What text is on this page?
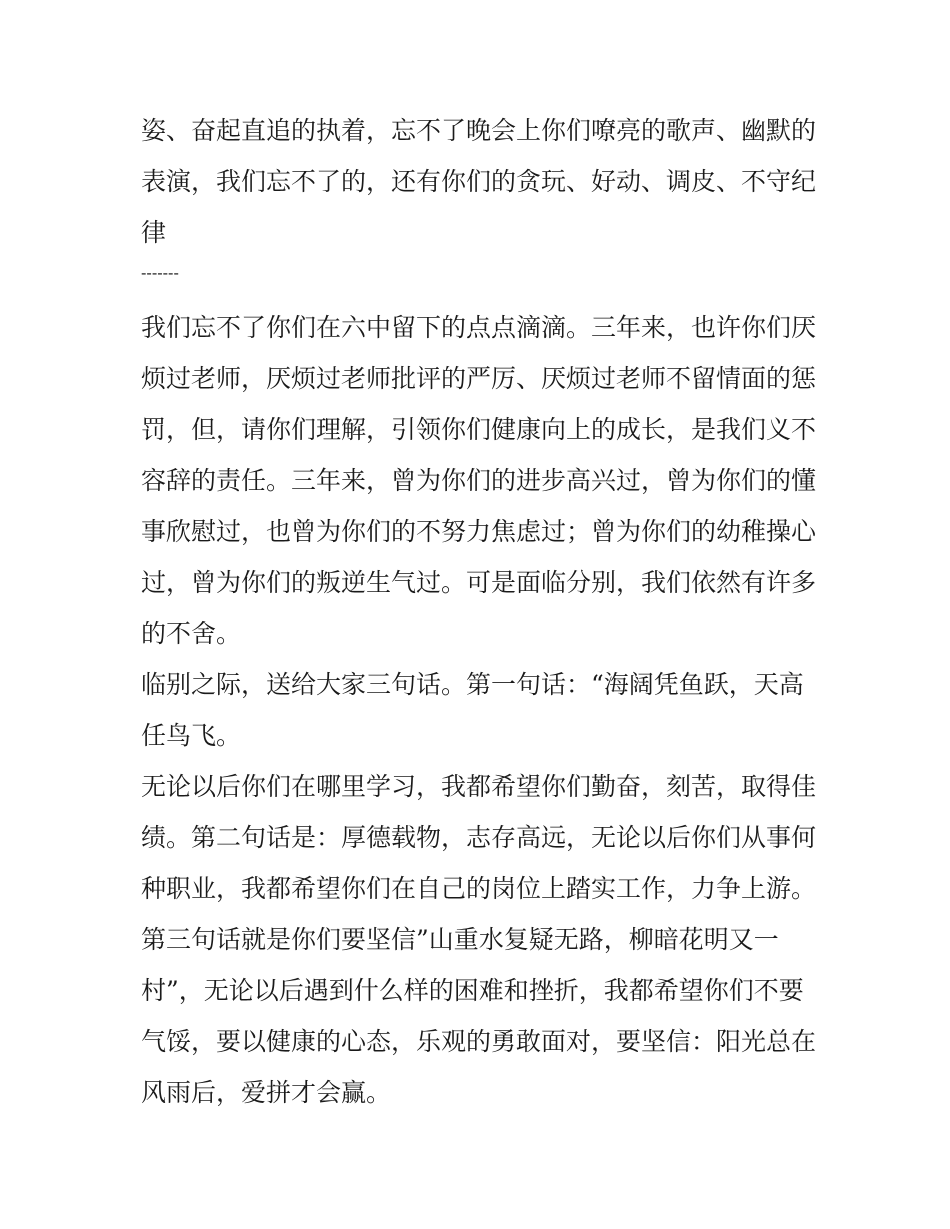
姿、奋起直追的执着，忘不了晚会上你们嘹亮的歌声、幽默的
表演，我们忘不了的，还有你们的贪玩、好动、调皮、不守纪
律
-------
我们忘不了你们在六中留下的点点滴滴。三年来，也许你们厌
烦过老师，厌烦过老师批评的严厉、厌烦过老师不留情面的惩
罚，但，请你们理解，引领你们健康向上的成长，是我们义不
容辞的责任。三年来，曾为你们的进步高兴过，曾为你们的懂
事欣慰过，也曾为你们的不努力焦虑过；曾为你们的幼稚操心
过，曾为你们的叛逆生气过。可是面临分别，我们依然有许多
的不舍。
临别之际，送给大家三句话。第一句话：“海阔凭鱼跃，天高
任鸟飞。
无论以后你们在哪里学习，我都希望你们勤奋，刻苦，取得佳
绩。第二句话是：厚德载物，志存高远，无论以后你们从事何
种职业，我都希望你们在自己的岗位上踏实工作，力争上游。
第三句话就是你们要坚信”山重水复疑无路，柳暗花明又一
村”，无论以后遇到什么样的困难和挫折，我都希望你们不要
气馁，要以健康的心态，乐观的勇敢面对，要坚信：阳光总在
风雨后，爱拼才会赢。
